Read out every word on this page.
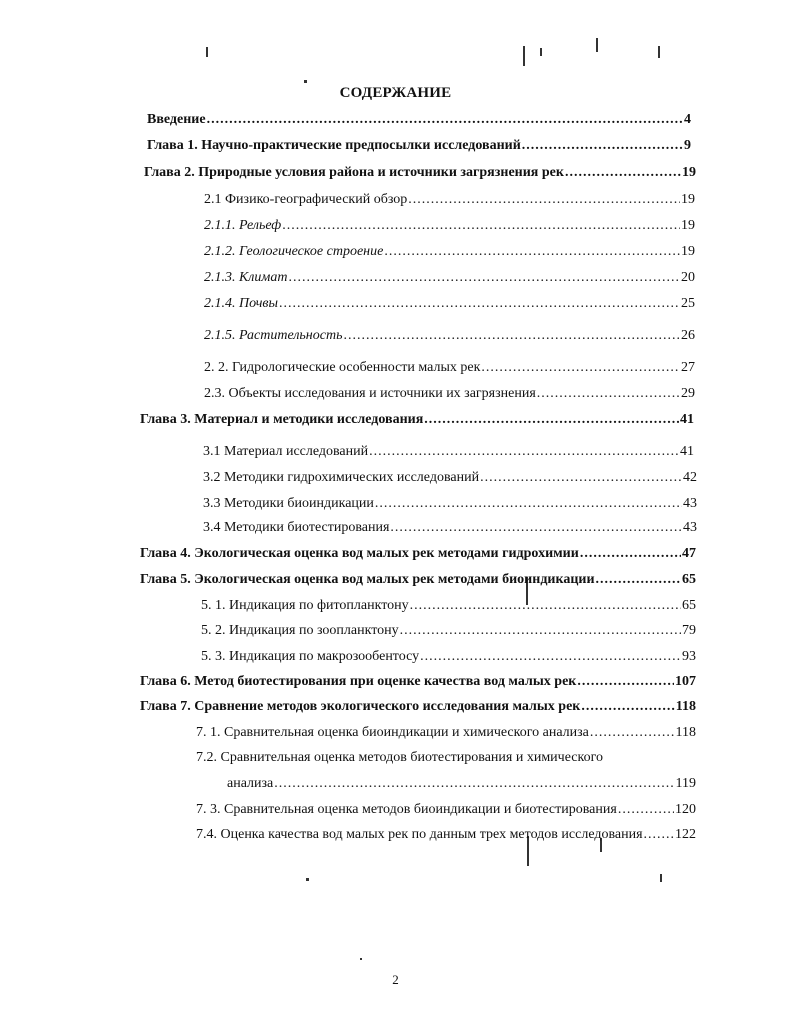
СОДЕРЖАНИЕ
Введение .....	4
Глава 1. Научно-практические предпосылки исследований .....	9
Глава 2. Природные условия района и источники загрязнения рек .....	19
2.1 Физико-географический обзор .....	19
2.1.1. Рельеф .....	19
2.1.2. Геологическое строение .....	19
2.1.3. Климат .....	20
2.1.4. Почвы .....	25
2.1.5. Растительность .....	26
2. 2. Гидрологические особенности малых рек .....	27
2.3. Объекты исследования и источники их загрязнения .....	29
Глава 3. Материал и методики исследования .....	41
3.1 Материал исследований .....	41
3.2 Методики гидрохимических исследований .....	42
3.3 Методики биоиндикации .....	43
3.4 Методики биотестирования .....	43
Глава 4. Экологическая оценка вод малых рек методами гидрохимии .....	47
Глава 5. Экологическая оценка вод малых рек методами биоиндикации .....	65
5. 1. Индикация по фитопланктону .....	65
5. 2. Индикация по зоопланктону .....	79
5. 3. Индикация по макрозообентосу .....	93
Глава 6. Метод биотестирования при оценке качества вод малых рек .....	107
Глава 7. Сравнение методов экологического исследования малых рек .....	118
7. 1. Сравнительная оценка биоиндикации и химического анализа .....	118
7.2. Сравнительная оценка методов биотестирования и химического
анализа .....	119
7. 3. Сравнительная оценка методов биоиндикации и биотестирования .....	120
7.4. Оценка качества вод малых рек по данным трех методов исследования ..... 122
2
